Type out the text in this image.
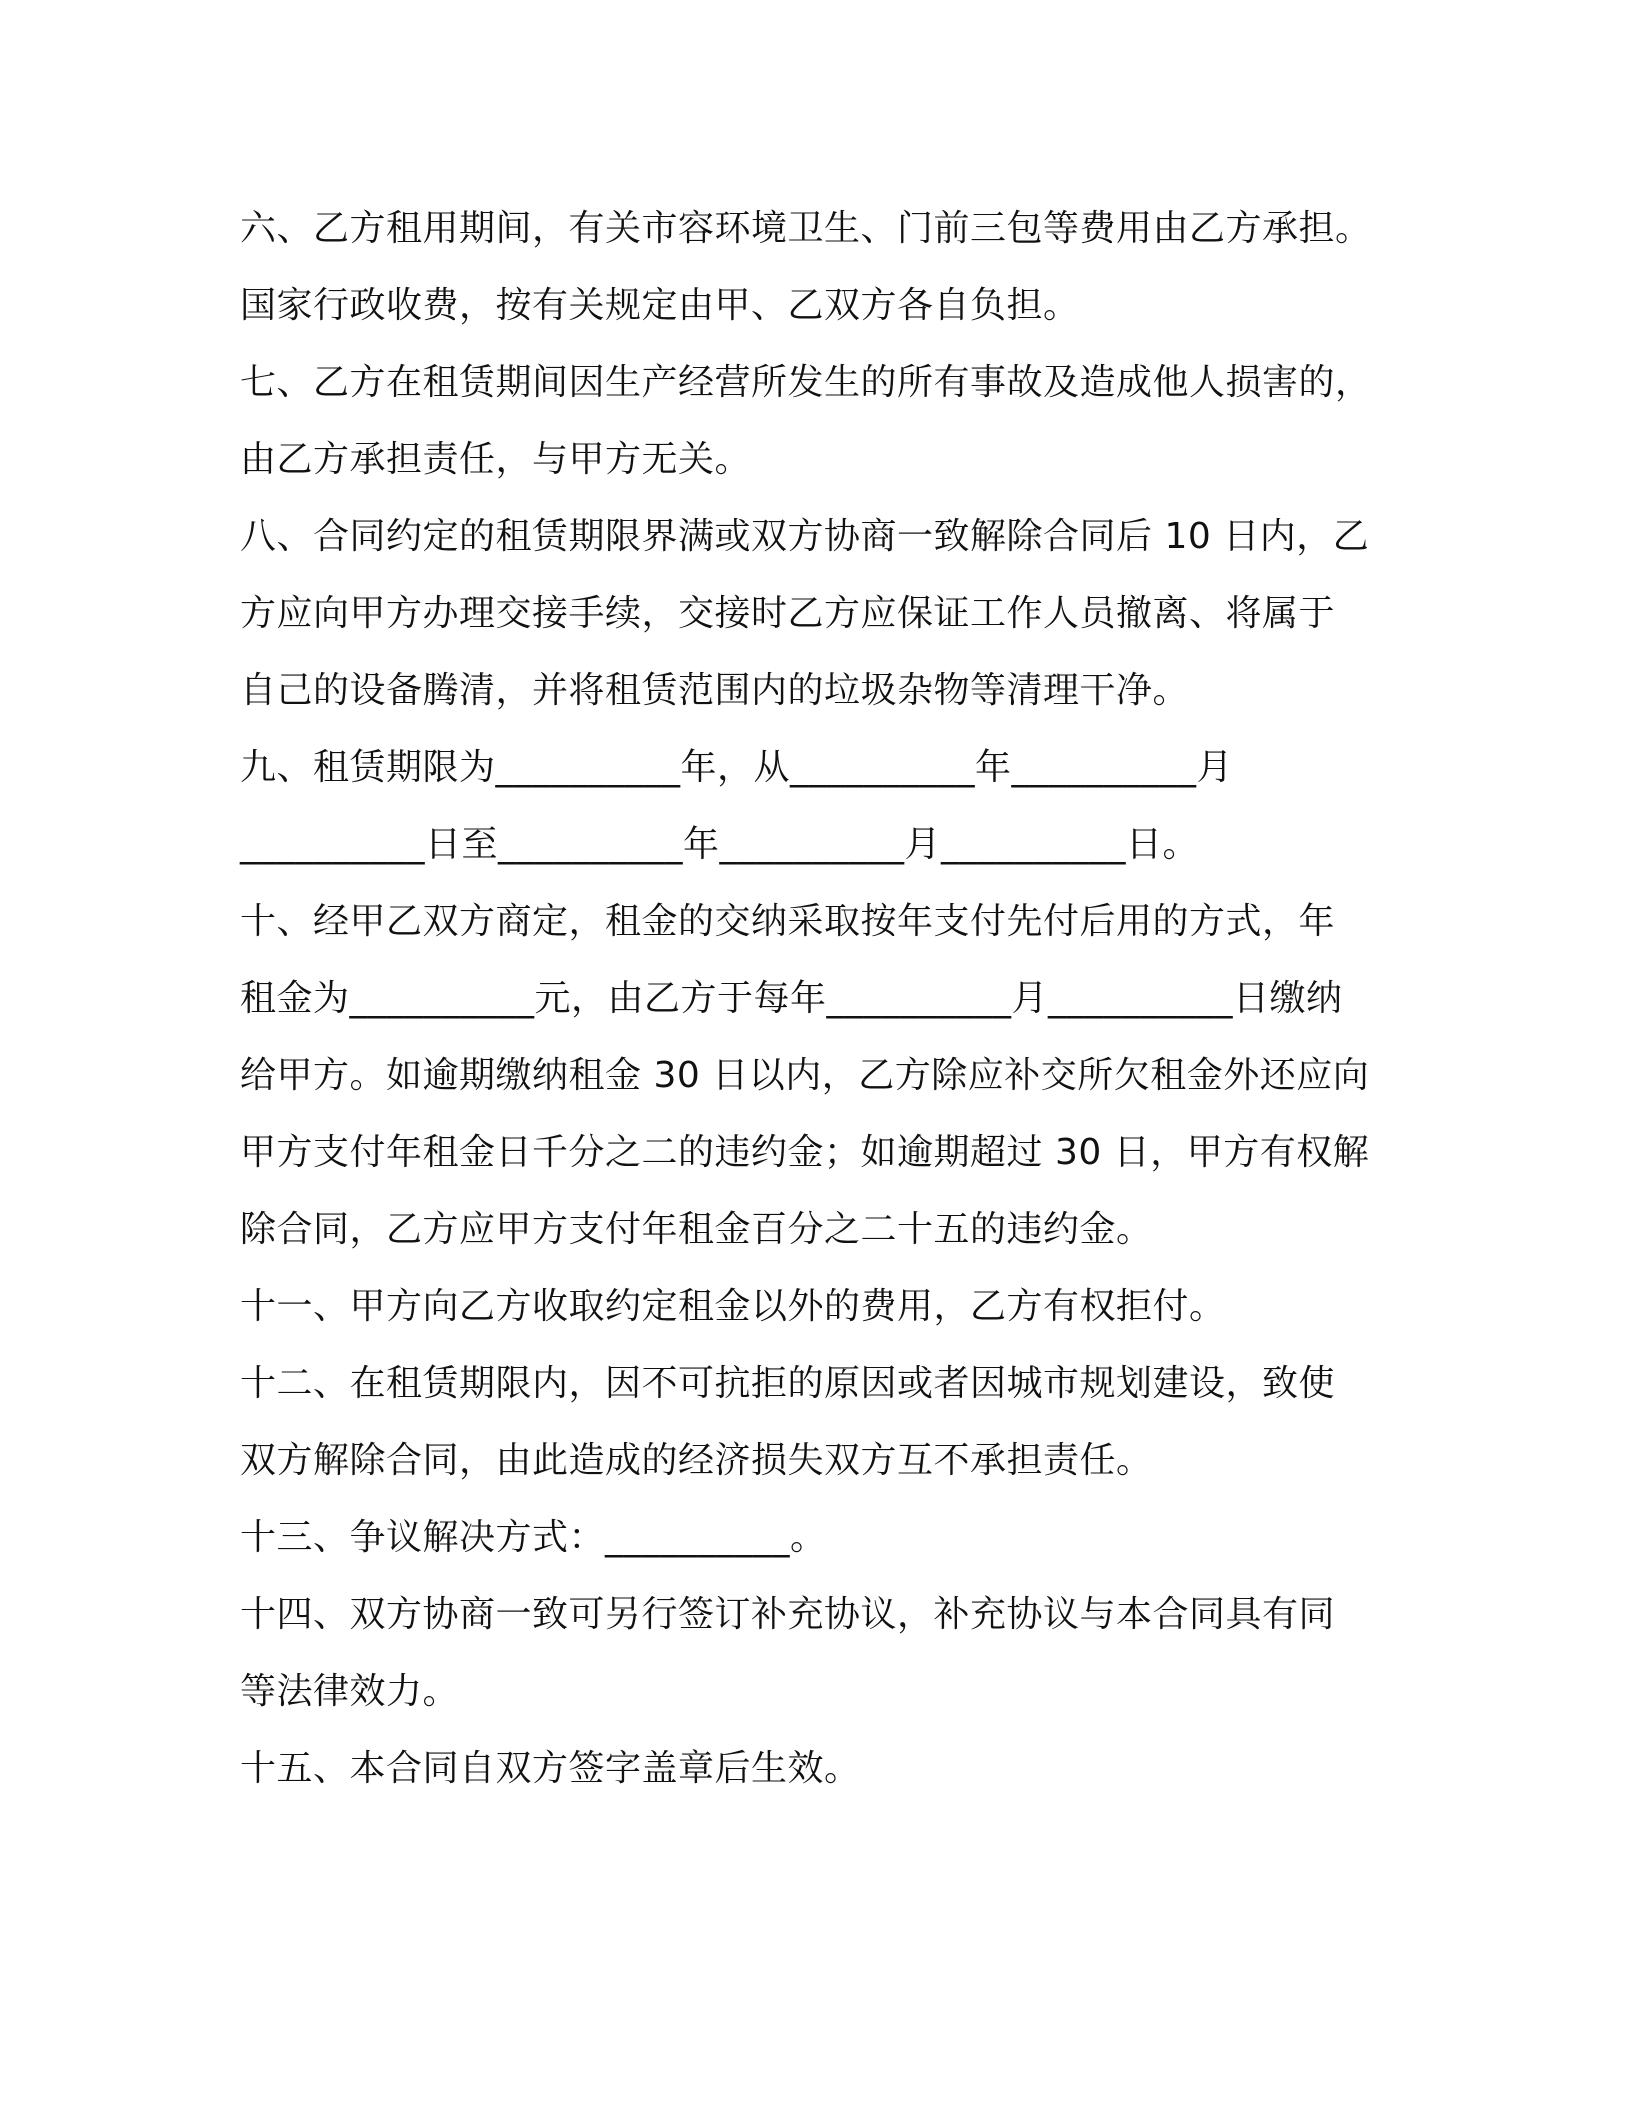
六、乙方租用期间，有关市容环境卫生、门前三包等费用由乙方承担。
国家行政收费，按有关规定由甲、乙双方各自负担。
七、乙方在租赁期间因生产经营所发生的所有事故及造成他人损害的，
由乙方承担责任，与甲方无关。
八、合同约定的租赁期限界满或双方协商一致解除合同后 10 日内，乙
方应向甲方办理交接手续，交接时乙方应保证工作人员撤离、将属于
自己的设备腾清，并将租赁范围内的垃圾杂物等清理干净。
九、租赁期限为__________年，从__________年__________月
__________日至__________年__________月__________日。
十、经甲乙双方商定，租金的交纳采取按年支付先付后用的方式，年
租金为__________元，由乙方于每年__________月__________日缴纳
给甲方。如逾期缴纳租金 30 日以内，乙方除应补交所欠租金外还应向
甲方支付年租金日千分之二的违约金；如逾期超过 30 日，甲方有权解
除合同，乙方应甲方支付年租金百分之二十五的违约金。
十一、甲方向乙方收取约定租金以外的费用，乙方有权拒付。
十二、在租赁期限内，因不可抗拒的原因或者因城市规划建设，致使
双方解除合同，由此造成的经济损失双方互不承担责任。
十三、争议解决方式：__________。
十四、双方协商一致可另行签订补充协议，补充协议与本合同具有同
等法律效力。
十五、本合同自双方签字盖章后生效。
